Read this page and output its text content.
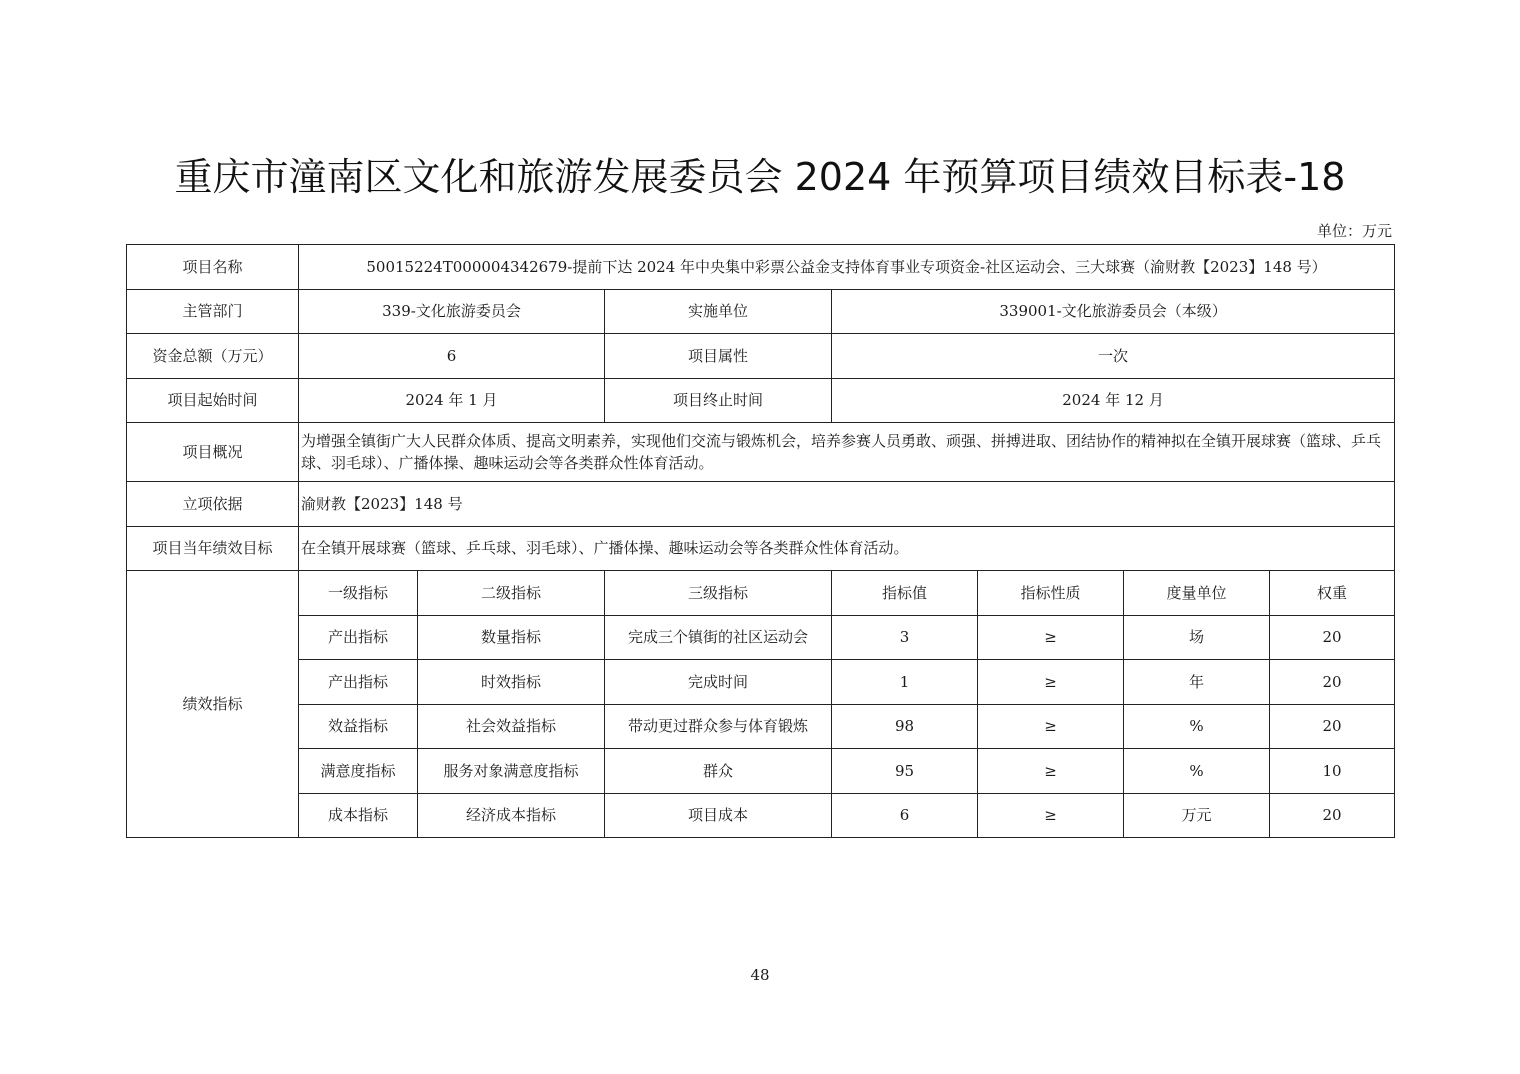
重庆市潼南区文化和旅游发展委员会 2024 年预算项目绩效目标表-18
单位：万元
项目名称	50015224T000004342679-提前下达 2024 年中央集中彩票公益金支持体育事业专项资金-社区运动会、三大球赛（渝财教【2023】148 号）						
主管部门	339-文化旅游委员会		实施单位	339001-文化旅游委员会（本级）			
资金总额（万元）	6		项目属性	一次			
项目起始时间	2024 年 1 月		项目终止时间	2024 年 12 月			
项目概况	为增强全镇街广大人民群众体质、提高文明素养，实现他们交流与锻炼机会，培养参赛人员勇敢、顽强、拼搏进取、团结协作的精神拟在全镇开展球赛（篮球、乒乓球、羽毛球）、广播体操、趣味运动会等各类群众性体育活动。						
立项依据	渝财教【2023】148 号						
项目当年绩效目标	在全镇开展球赛（篮球、乒乓球、羽毛球）、广播体操、趣味运动会等各类群众性体育活动。						
绩效指标	一级指标	二级指标	三级指标	指标值	指标性质	度量单位	权重
	产出指标	数量指标	完成三个镇街的社区运动会	3	≥	场	20
	产出指标	时效指标	完成时间	1	≥	年	20
	效益指标	社会效益指标	带动更过群众参与体育锻炼	98	≥	%	20
	满意度指标	服务对象满意度指标	群众	95	≥	%	10
	成本指标	经济成本指标	项目成本	6	≥	万元	20
48
